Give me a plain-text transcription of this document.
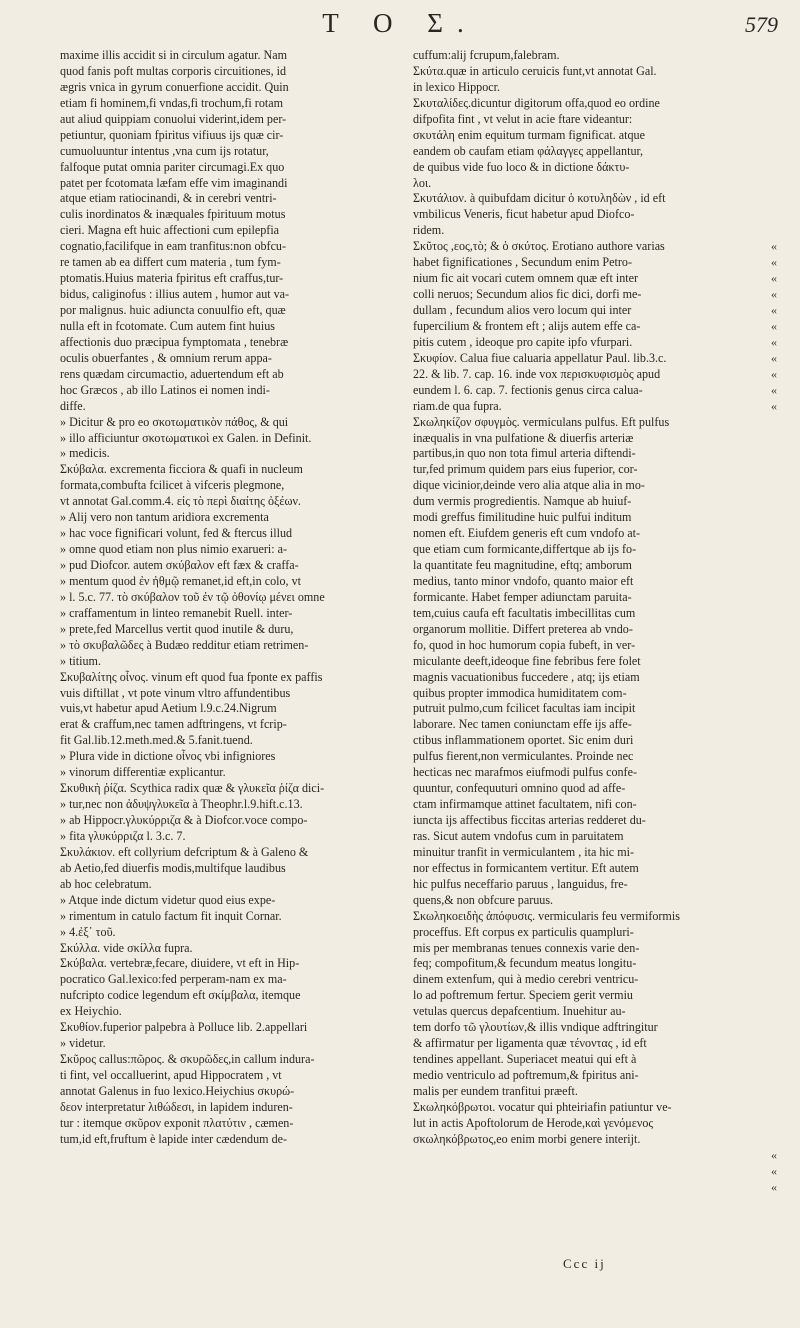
T O Σ.	579
maxime illis accidit si in circulum agatur. Nam
quod fanis poft multas corporis circuitiones, id
ægris vnica in gyrum conuerfione accidit. Quin
etiam fi hominem,fi vndas,fi trochum,fi rotam
aut aliud quippiam conuolui viderint,idem per-
petiuntur, quoniam fpiritus vifiuus ijs quæ cir-
cumuoluuntur intentus ,vna cum ijs rotatur,
falfoque putat omnia pariter circumagi.Ex quo
patet per fcotomata læfam effe vim imaginandi
atque etiam ratiocinandi, & in cerebri ventri-
culis inordinatos & inæquales fpirituum motus
cieri. Magna eft huic affectioni cum epilepfia
cognatio,facilifque in eam tranfitus:non obfcu-
re tamen ab ea differt cum materia , tum fym-
ptomatis.Huius materia fpiritus eft craffus,tur-
bidus, caliginofus : illius autem , humor aut va-
por malignus. huic adiuncta conuulfio eft, quæ
nulla eft in fcotomate. Cum autem fint huius
affectionis duo præcipua fymptomata , tenebræ
oculis obuerfantes , & omnium rerum appa-
rens quædam circumactio, aduertendum eft ab
hoc Græcos , ab illo Latinos ei nomen indi-
diffe.
» Dicitur & pro eo σκοτωματικὸν πάθος, & qui
» illo afficiuntur σκοτωματικοὶ ex Galen. in Definit.
» medicis.
Σκύβαλα. excrementa ficciora & quafi in nucleum
formata,combufta fcilicet à vifceris plegmone,
vt annotat Gal.comm.4. εἰς τὸ περὶ διαίτης ὀξέων.
» Alij vero non tantum aridiora excrementa
» hac voce fignificari volunt, fed & ftercus illud
» omne quod etiam non plus nimio exarueri: a-
» pud Diofcor. autem σκύβαλον eft fæx & craffa-
» mentum quod ἐν ἠθμῷ remanet,id eft,in colo, vt
» l. 5.c. 77. τὸ σκύβαλον τοῦ ἐν τῷ ὀθονίῳ μένει omne
» craffamentum in linteo remanebit Ruell. inter-
» prete,fed Marcellus vertit quod inutile & duru,
» τὸ σκυβαλῶδες à Budæo redditur etiam retrimen-
» titium.
Σκυβαλίτης οἶνος. vinum eft quod fua fponte ex paffis
vuis diftillat , vt pote vinum vltro affundentibus
vuis,vt habetur apud Aetium l.9.c.24.Nigrum
erat & craffum,nec tamen adftringens, vt fcrip-
fit Gal.lib.12.meth.med.& 5.fanit.tuend.
» Plura vide in dictione οἶνος vbi infigniores
» vinorum differentiæ explicantur.
Σκυθικὴ ῥίζα. Scythica radix quæ & γλυκεῖα ῥίζα dici-
» tur,nec non ἀδυψγλυκεῖα à Theophr.l.9.hift.c.13.
» ab Hippocr.γλυκύρριζα & à Diofcor.voce compo-
» fita γλυκύρριζα l. 3.c. 7.
Σκυλάκιον. eft collyrium defcriptum & à Galeno &
ab Aetio,fed diuerfis modis,multifque laudibus
ab hoc celebratum.
» Atque inde dictum videtur quod eius expe-
» rimentum in catulo factum fit inquit Cornar.
» 4.ἐξ᾽ τοῦ.
Σκύλλα. vide σκίλλα fupra.
Σκύβαλα. vertebræ,fecare, diuidere, vt eft in Hip-
pocratico Gal.lexico:fed perperam-nam ex ma-
nufcripto codice legendum eft σκίμβαλα, itemque
ex Heiychio.
Σκυθίον.fuperior palpebra à Polluce lib. 2.appellari
» videtur.
Σκῦρος callus:πῶρος. & σκυρῶδες,in callum indura-
ti fint, vel occalluerint, apud Hippocratem , vt
annotat Galenus in fuo lexico.Heiychius σκυρώ-
δεον interpretatur λιθώδεσι, in lapidem induren-
tur : itemque σκῦρον exponit πλατύτιν , cæmen-
tum,id eft,fruftum è lapide inter cædendum de-
cuffum:alij fcrupum,falebram.
Σκύτα.quæ in articulo ceruicis funt,vt annotat Gal.
in lexico Hippocr.
Σκυταλίδες.dicuntur digitorum offa,quod eo ordine
difpofita fint , vt velut in acie ftare videantur:
σκυτάλη enim equitum turmam fignificat. atque
eandem ob caufam etiam φάλαγγες appellantur,
de quibus vide fuo loco & in dictione δάκτυ-
λοι.
Σκυτάλιον. à quibufdam dicitur ὁ κοτυληδὼν , id eft
vmbilicus Veneris, ficut habetur apud Diofco-
ridem.
Σκῦτος ,εος,τὸ; & ὁ σκύτος. Erotiano authore varias
habet fignificationes , Secundum enim Petro-
nium fic ait vocari cutem omnem quæ eft inter
colli neruos; Secundum alios fic dici, dorfi me-
dullam , fecundum alios vero locum qui inter
fupercilium & frontem eft ; alijs autem effe ca-
pitis cutem , ideoque pro capite ipfo vfurpari.
Σκυφίον. Calua fiue caluaria appellatur Paul. lib.3.c.
22. & lib. 7. cap. 16. inde vox περισκυφισμὸς apud
eundem l. 6. cap. 7. fectionis genus circa calua-
riam.de qua fupra.
Σκωληκίζον σφυγμὸς. vermiculans pulfus. Eft pulfus
inæqualis in vna pulfatione & diuerfis arteriæ
partibus,in quo non tota fimul arteria diftendi-
tur,fed primum quidem pars eius fuperior, cor-
dique vicinior,deinde vero alia atque alia in mo-
dum vermis progredientis. Namque ab huiuf-
modi greffus fimilitudine huic pulfui inditum
nomen eft. Eiufdem generis eft cum vndofo at-
que etiam cum formicante,differtque ab ijs fo-
la quantitate feu magnitudine, eftq; amborum
medius, tanto minor vndofo, quanto maior eft
formicante. Habet femper adiunctam paruita-
tem,cuius caufa eft facultatis imbecillitas cum
organorum mollitie. Differt preterea ab vndo-
fo, quod in hoc humorum copia fubeft, in ver-
miculante deeft,ideoque fine febribus fere folet
magnis vacuationibus fuccedere , atq; ijs etiam
quibus propter immodica humiditatem com-
putruit pulmo,cum fcilicet facultas iam incipit
laborare. Nec tamen coniunctam effe ijs affe-
ctibus inflammationem oportet. Sic enim duri
pulfus fierent,non vermiculantes. Proinde nec
hecticas nec marafmos eiufmodi pulfus confe-
quuntur, confequuturi omnino quod ad affe-
ctam infirmamque attinet facultatem, nifi con-
iuncta ijs affectibus ficcitas arterias redderet du-
ras. Sicut autem vndofus cum in paruitatem
minuitur tranfit in vermiculantem , ita hic mi-
nor effectus in formicantem vertitur. Eft autem
hic pulfus neceffario paruus , languidus, fre-
quens,& non obfcure paruus.
Σκωληκοειδὴς ἀπόφυσις. vermicularis feu vermiformis
proceffus. Eft corpus ex particulis quampluri-
mis per membranas tenues connexis varie den-
feq; compofitum,& fecundum meatus longitu-
dinem extenfum, qui à medio cerebri ventricu-
lo ad poftremum fertur. Speciem gerit vermiu
vetulas quercus depafcentium. Inuehitur au-
tem dorfo τῶ γλουτίων,& illis vndique adftringitur
& affirmatur per ligamenta quæ τένοντας , id eft
tendines appellant. Superiacet meatui qui eft à
medio ventriculo ad poftremum,& fpiritus ani-
malis per eundem tranfitui præeft.
Σκωληκόβρωτοι. vocatur qui phteiriafin patiuntur ve-
lut in actis Apoftolorum de Herode,καὶ γενόμενος
σκωληκόβρωτος,eo enim morbi genere interijt.
«
«
«
«
«
«
«
«
«
«
«
«
«
«
Ccc ij
